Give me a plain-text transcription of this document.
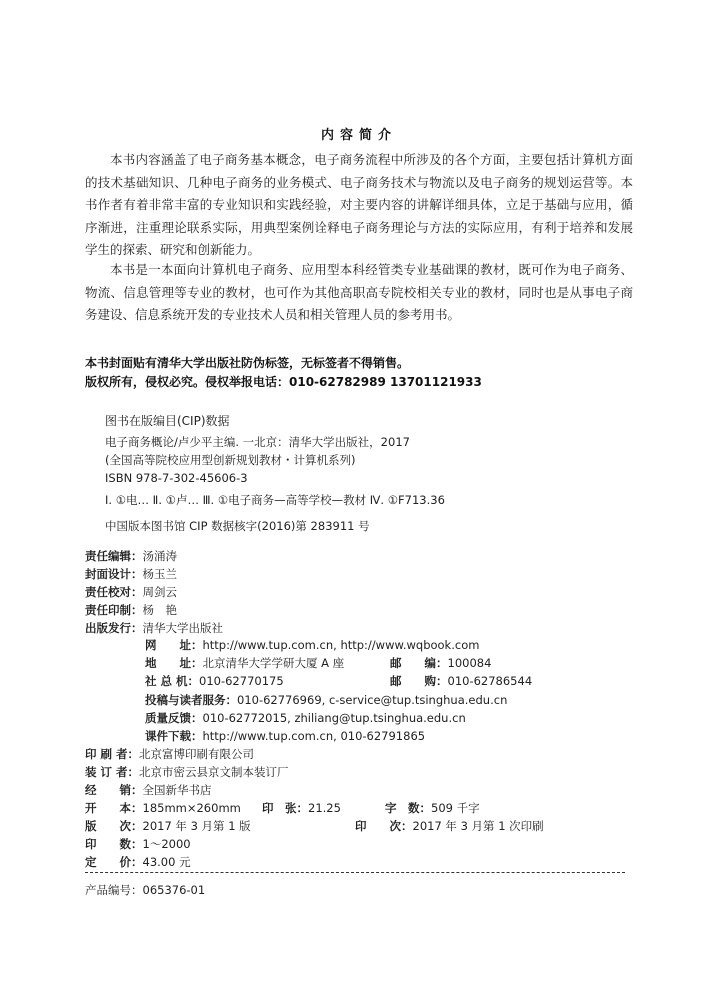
内容简介
本书内容涵盖了电子商务基本概念，电子商务流程中所涉及的各个方面，主要包括计算机方面的技术基础知识、几种电子商务的业务模式、电子商务技术与物流以及电子商务的规划运营等。本书作者有着非常丰富的专业知识和实践经验，对主要内容的讲解详细具体，立足于基础与应用，循序渐进，注重理论联系实际，用典型案例诠释电子商务理论与方法的实际应用，有利于培养和发展学生的探索、研究和创新能力。
本书是一本面向计算机电子商务、应用型本科经管类专业基础课的教材，既可作为电子商务、物流、信息管理等专业的教材，也可作为其他高职高专院校相关专业的教材，同时也是从事电子商务建设、信息系统开发的专业技术人员和相关管理人员的参考用书。
本书封面贴有清华大学出版社防伪标签，无标签者不得销售。
版权所有，侵权必究。侵权举报电话：010-62782989 13701121933
图书在版编目(CIP)数据
电子商务概论/卢少平主编. 一北京：清华大学出版社，2017
(全国高等院校应用型创新规划教材・计算机系列)
ISBN 978-7-302-45606-3
Ⅰ. ①电… Ⅱ. ①卢… Ⅲ. ①电子商务—高等学校—教材 Ⅳ. ①F713.36
中国版本图书馆 CIP 数据核字(2016)第 283911 号
责任编辑：汤涌涛
封面设计：杨玉兰
责任校对：周剑云
责任印制：杨　艳
出版发行：清华大学出版社
网　　址：http://www.tup.com.cn, http://www.wqbook.com
地　　址：北京清华大学学研大厦 A 座	邮　　编：100084
社 总 机：010-62770175	邮　　购：010-62786544
投稿与读者服务：010-62776969, c-service@tup.tsinghua.edu.cn
质量反馈：010-62772015, zhiliang@tup.tsinghua.edu.cn
课件下载：http://www.tup.com.cn, 010-62791865
印 刷 者：北京富博印刷有限公司
装 订 者：北京市密云县京文制本装订厂
经　　销：全国新华书店
开　　本：185mm×260mm 印　张：21.25	字　数：509 千字
版　　次：2017 年 3 月第 1 版	印　　次：2017 年 3 月第 1 次印刷
印　　数：1～2000
定　　价：43.00 元
产品编号：065376-01
